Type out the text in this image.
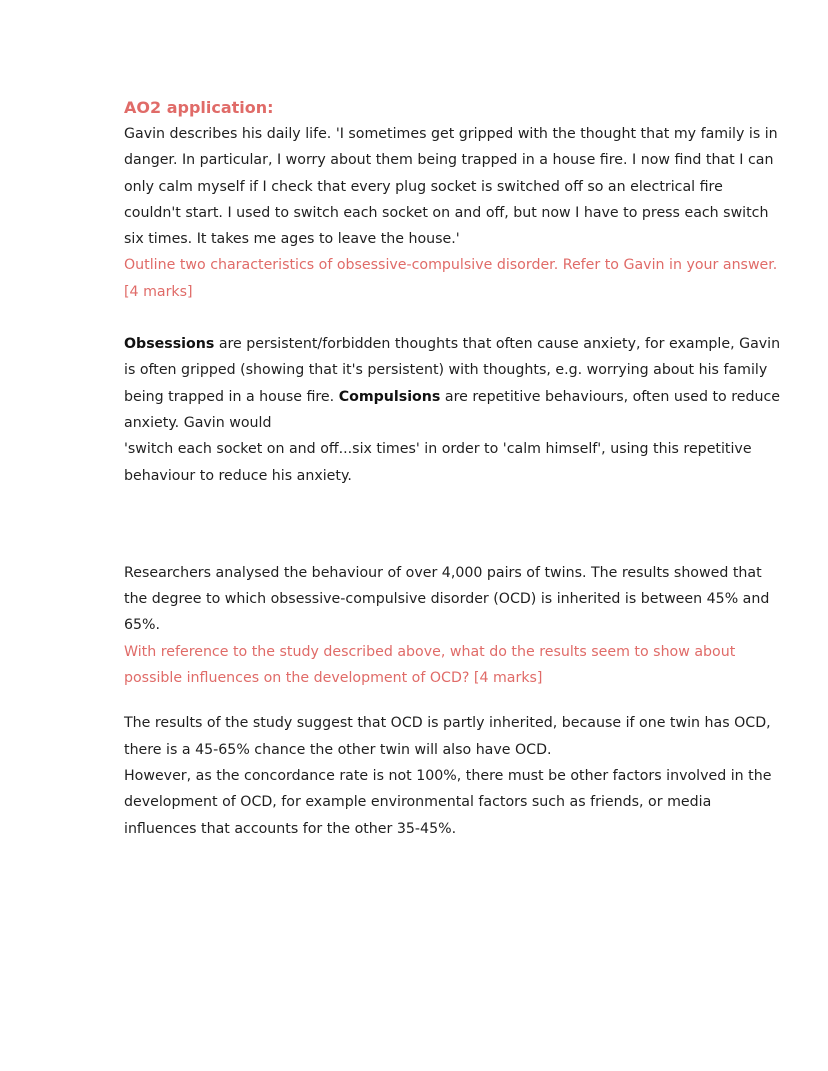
AO2 application:

Gavin describes his daily life. 'I sometimes get gripped with the thought that my family is in danger. In particular, I worry about them being trapped in a house fire. I now find that I can only calm myself if I check that every plug socket is switched off so an electrical fire couldn't start. I used to switch each socket on and off, but now I have to press each switch six times. It takes me ages to leave the house.'

Outline two characteristics of obsessive-compulsive disorder. Refer to Gavin in your answer. [4 marks]

Obsessions are persistent/forbidden thoughts that often cause anxiety, for example, Gavin is often gripped (showing that it's persistent) with thoughts, e.g. worrying about his family being trapped in a house fire. Compulsions are repetitive behaviours, often used to reduce anxiety. Gavin would
'switch each socket on and off...six times' in order to 'calm himself', using this repetitive behaviour to reduce his anxiety.

Researchers analysed the behaviour of over 4,000 pairs of twins. The results showed that the degree to which obsessive-compulsive disorder (OCD) is inherited is between 45% and 65%.

With reference to the study described above, what do the results seem to show about possible influences on the development of OCD? [4 marks]

The results of the study suggest that OCD is partly inherited, because if one twin has OCD, there is a 45-65% chance the other twin will also have OCD.

However, as the concordance rate is not 100%, there must be other factors involved in the development of OCD, for example environmental factors such as friends, or media influences that accounts for the other 35-45%.
